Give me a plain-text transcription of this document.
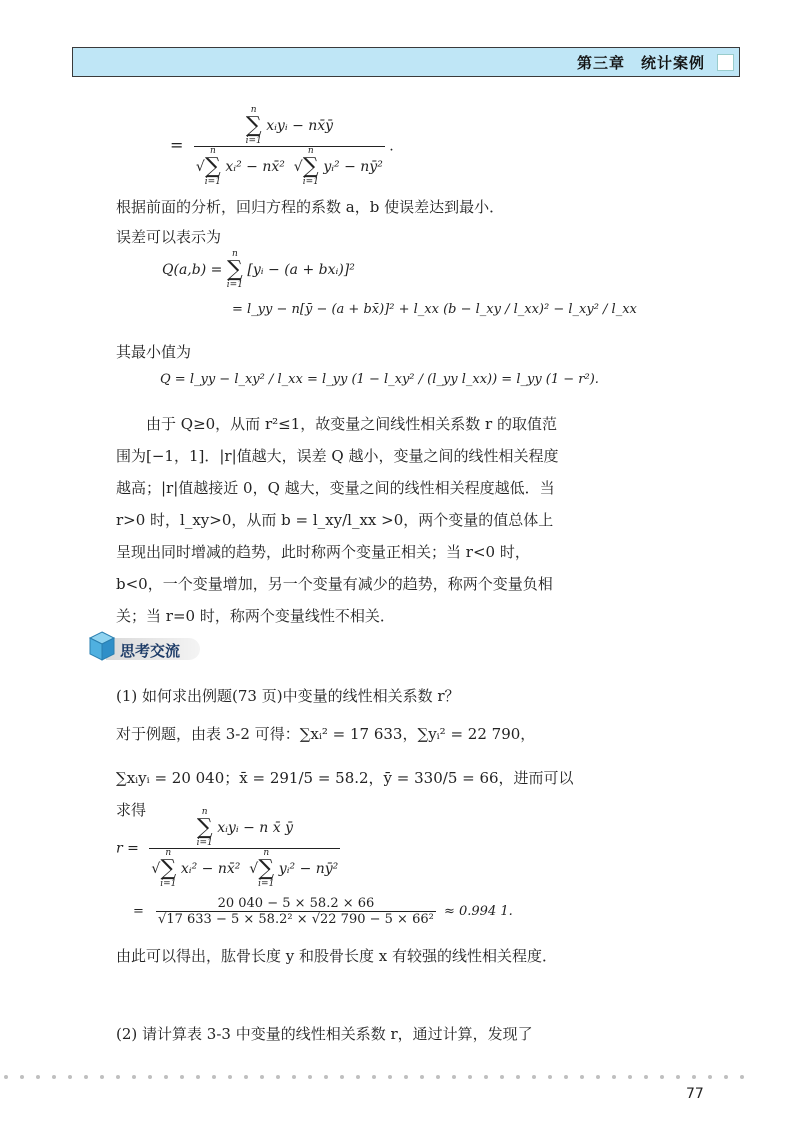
第三章　统计案例
= n
∑
i=1
xᵢyᵢ − nx̄ȳ
√
n
∑
i=1
xᵢ² − nx̄²  √
n
∑
i=1
yᵢ² − nȳ² .
根据前面的分析，回归方程的系数 a，b 使误差达到最小．
误差可以表示为
Q(a,b) =
n
∑
i=1
[yᵢ − (a + bxᵢ)]²
= l_yy − n[ȳ − (a + bx̄)]² + l_xx (b − l_xy / l_xx)² − l_xy² / l_xx
其最小值为
Q = l_yy − l_xy² / l_xx = l_yy (1 − l_xy² / (l_yy l_xx)) = l_yy (1 − r²).
由于 Q≥0，从而 r²≤1，故变量之间线性相关系数 r 的取值范围为[−1，1]．|r|值越大，误差 Q 越小，变量之间的线性相关程度越高；|r|值越接近 0，Q 越大，变量之间的线性相关程度越低．当 r>0 时，l_xy>0，从而 b = l_xy/l_xx >0，两个变量的值总体上呈现出同时增减的趋势，此时称两个变量正相关；当 r<0 时，b<0，一个变量增加，另一个变量有减少的趋势，称两个变量负相关；当 r=0 时，称两个变量线性不相关．
思考交流
(1) 如何求出例题(73 页)中变量的线性相关系数 r？
对于例题，由表 3-2 可得：∑xᵢ² = 17 633，∑yᵢ² = 22 790，
∑xᵢyᵢ = 20 040；x̄ = 291/5 = 58.2，ȳ = 330/5 = 66，进而可以求得
r = n
∑
i=1
xᵢyᵢ − n x̄ ȳ
√
n
∑
i=1
xᵢ² − nx̄²  √
n
∑
i=1
yᵢ² − nȳ²
= $\frac{20 040 - 5 \times 58.2 \times 66}{\text{√17 633 − 5 × 58.2² × √22 790 − 5 × 66²}} \approx 0.994$ 1.
由此可以得出，肱骨长度 y 和股骨长度 x 有较强的线性相关程度．
(2) 请计算表 3-3 中变量的线性相关系数 r，通过计算，发现了
77
